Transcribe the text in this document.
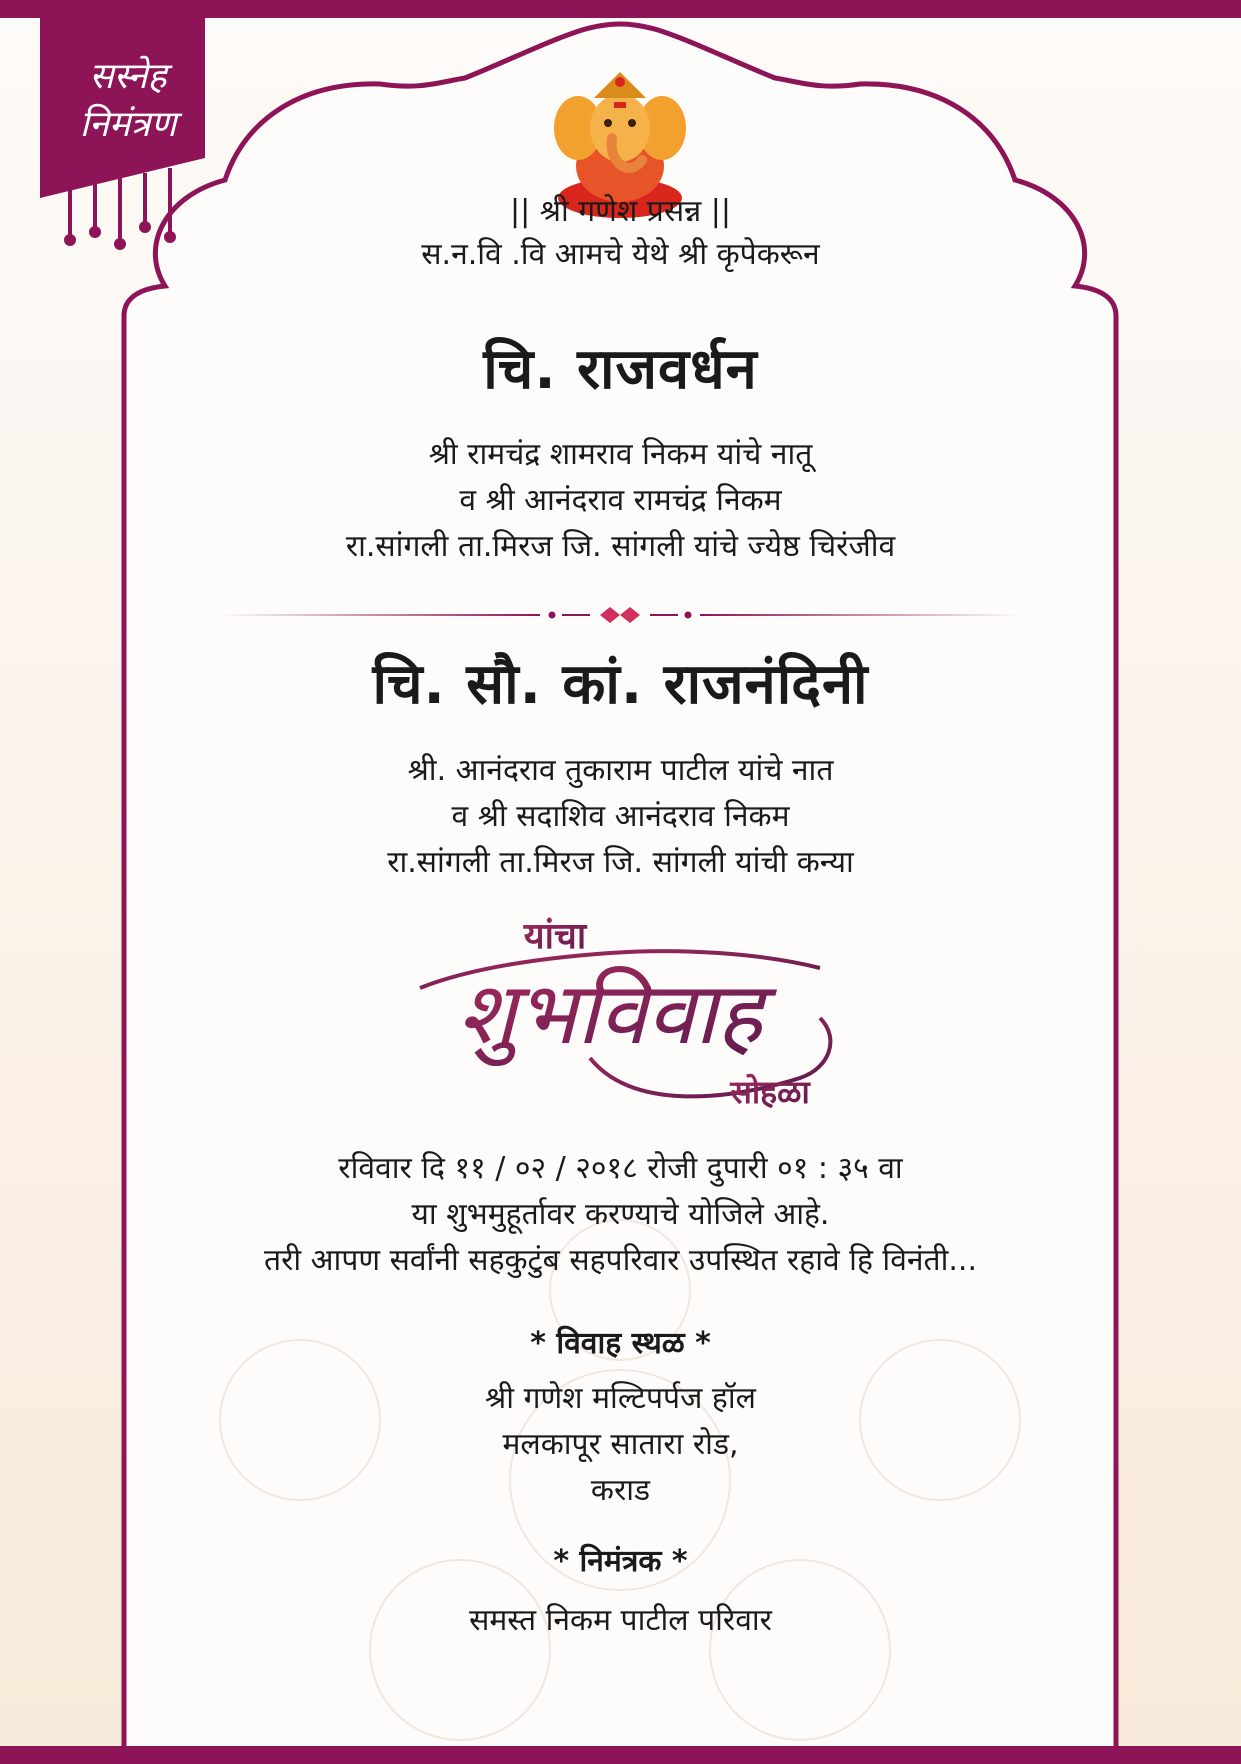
सस्नेह
निमंत्रण
|| श्री गणेश प्रसन्न ||
स.न.वि .वि आमचे येथे श्री कृपेकरून
चि. राजवर्धन
श्री रामचंद्र शामराव निकम यांचे नातू
व श्री आनंदराव रामचंद्र निकम
रा.सांगली ता.मिरज जि. सांगली यांचे ज्येष्ठ चिरंजीव
चि. सौ. कां. राजनंदिनी
श्री. आनंदराव तुकाराम पाटील यांचे नात
व श्री सदाशिव आनंदराव निकम
रा.सांगली ता.मिरज जि. सांगली यांची कन्या
यांचा
शुभविवाह
सोहळा
रविवार दि ११ / ०२ / २०१८ रोजी दुपारी ०१ : ३५ वा
या शुभमुहूर्तावर करण्याचे योजिले आहे.
तरी आपण सर्वांनी सहकुटुंब सहपरिवार उपस्थित रहावे हि विनंती...
* विवाह स्थळ *
श्री गणेश मल्टिपर्पज हॉल
मलकापूर सातारा रोड,
कराड
* निमंत्रक *
समस्त निकम पाटील परिवार
